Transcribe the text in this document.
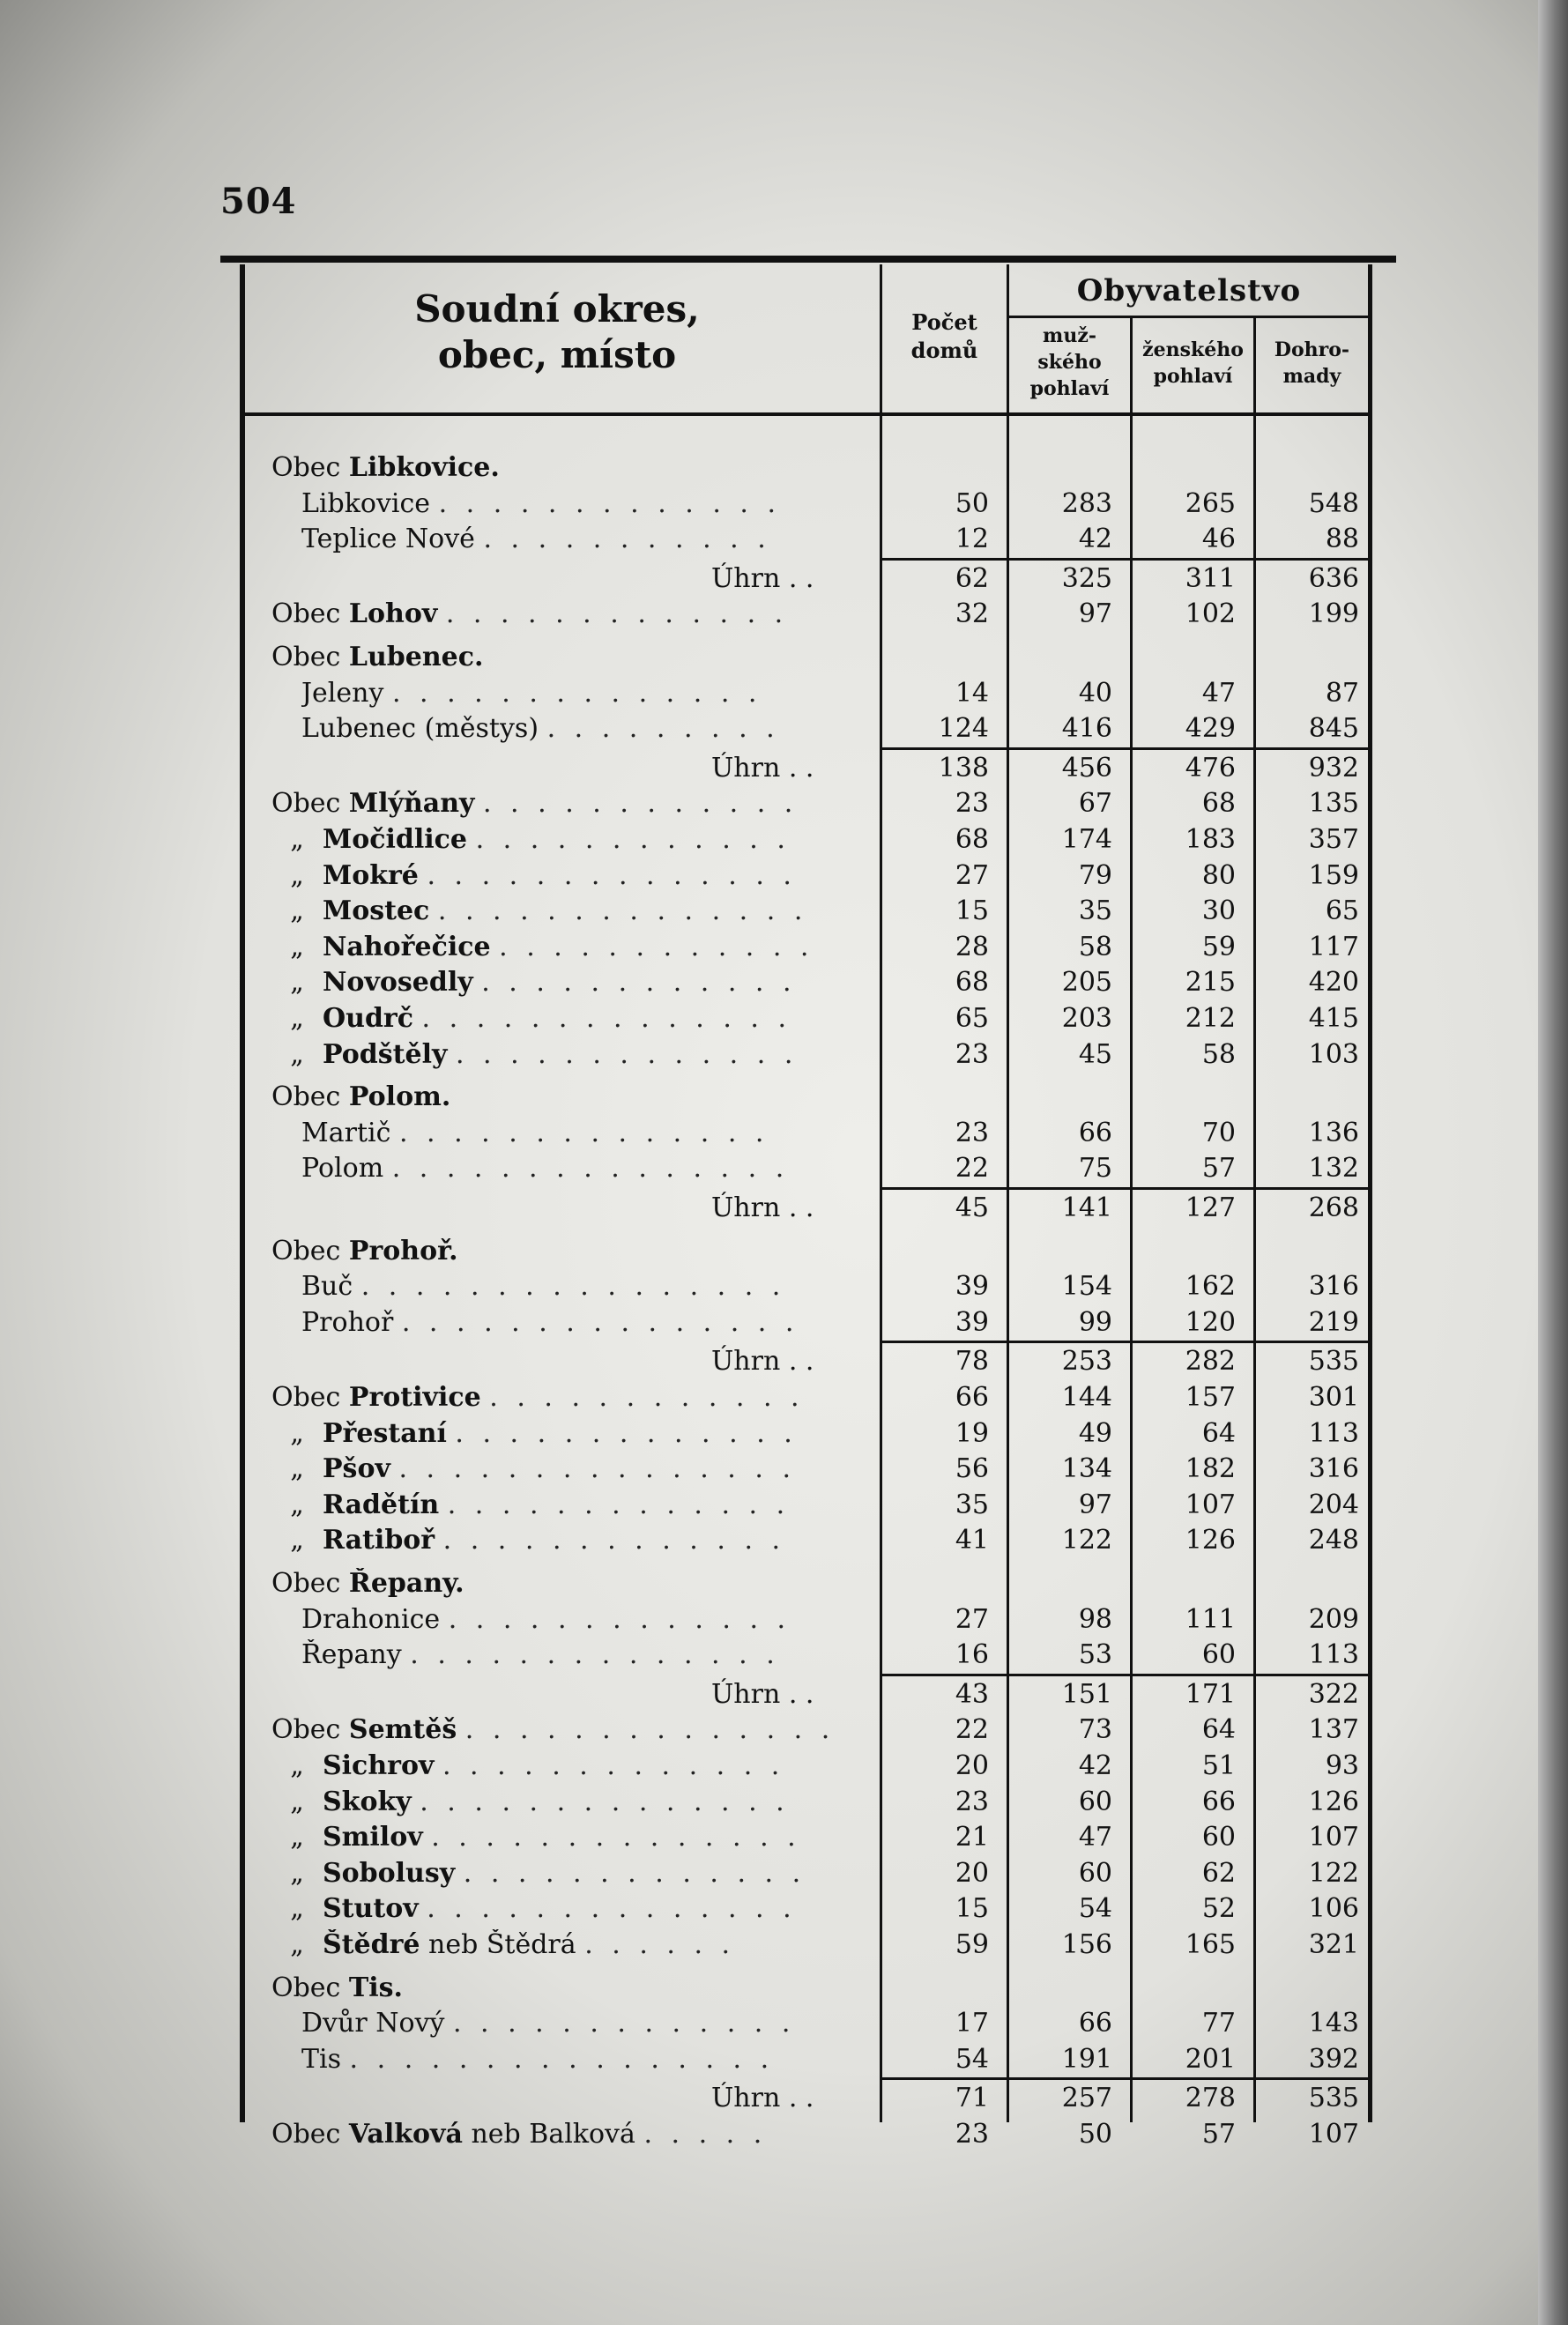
504
Soudní okres,
obec, místo
Počet
domů
Obyvatelstvo
muž-
ského
pohlaví
ženského
pohlaví
Dohro-
mady
Obec Libkovice.
Libkovice . . . . . . . . . . . . .	50	283	265	548
Teplice Nové . . . . . . . . . . .	12	42	46	88
Úhrn . .	62	325	311	636
Obec Lohov . . . . . . . . . . . . .	32	97	102	199
Obec Lubenec.
Jeleny . . . . . . . . . . . . . .	14	40	47	87
Lubenec (městys) . . . . . . . . .	124	416	429	845
Úhrn . .	138	456	476	932
Obec Mlýňany . . . . . . . . . . . .	23	67	68	135
„ Močidlice . . . . . . . . . . . .	68	174	183	357
„ Mokré . . . . . . . . . . . . . .	27	79	80	159
„ Mostec . . . . . . . . . . . . . .	15	35	30	65
„ Nahořečice . . . . . . . . . . . .	28	58	59	117
„ Novosedly . . . . . . . . . . . .	68	205	215	420
„ Oudrč . . . . . . . . . . . . . .	65	203	212	415
„ Podštěly . . . . . . . . . . . . .	23	45	58	103
Obec Polom.
Martič . . . . . . . . . . . . . .	23	66	70	136
Polom . . . . . . . . . . . . . . .	22	75	57	132
Úhrn . .	45	141	127	268
Obec Prohoř.
Buč . . . . . . . . . . . . . . . .	39	154	162	316
Prohoř . . . . . . . . . . . . . . .	39	99	120	219
Úhrn . .	78	253	282	535
Obec Protivice . . . . . . . . . . . .	66	144	157	301
„ Přestaní . . . . . . . . . . . . .	19	49	64	113
„ Pšov . . . . . . . . . . . . . . .	56	134	182	316
„ Radětín . . . . . . . . . . . . .	35	97	107	204
„ Ratiboř . . . . . . . . . . . . .	41	122	126	248
Obec Řepany.
Drahonice . . . . . . . . . . . . .	27	98	111	209
Řepany . . . . . . . . . . . . . .	16	53	60	113
Úhrn . .	43	151	171	322
Obec Semtěš . . . . . . . . . . . . . .	22	73	64	137
„ Sichrov . . . . . . . . . . . . .	20	42	51	93
„ Skoky . . . . . . . . . . . . . .	23	60	66	126
„ Smilov . . . . . . . . . . . . . .	21	47	60	107
„ Sobolusy . . . . . . . . . . . . .	20	60	62	122
„ Stutov . . . . . . . . . . . . . .	15	54	52	106
„ Štědré neb Štědrá . . . . . .	59	156	165	321
Obec Tis.
Dvůr Nový . . . . . . . . . . . . .	17	66	77	143
Tis . . . . . . . . . . . . . . . .	54	191	201	392
Úhrn . .	71	257	278	535
Obec Valková neb Balková . . . . .	23	50	57	107
